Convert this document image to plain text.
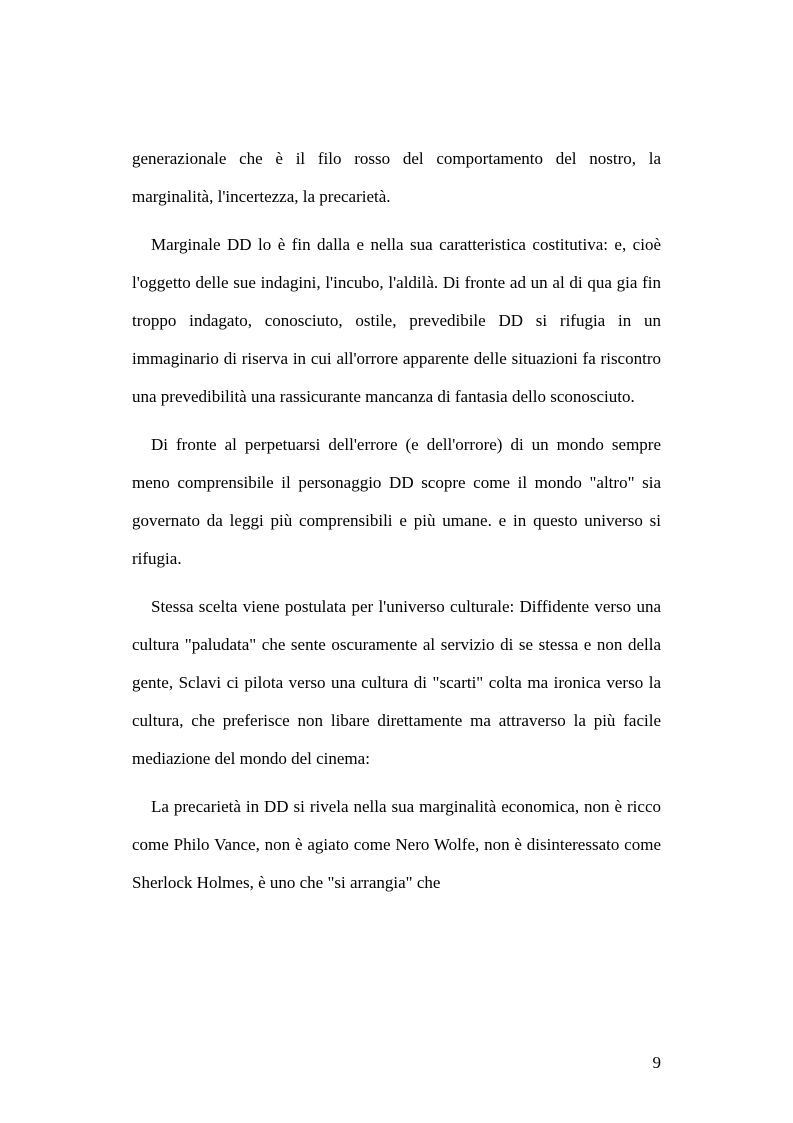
generazionale che è il filo rosso del comportamento del nostro, la marginalità, l'incertezza, la precarietà.

Marginale DD lo è fin dalla e nella sua caratteristica costitutiva: e, cioè l'oggetto delle sue indagini, l'incubo, l'aldilà. Di fronte ad un al di qua gia fin troppo indagato, conosciuto, ostile, prevedibile DD si rifugia in un immaginario di riserva in cui all'orrore apparente delle situazioni fa riscontro una prevedibilità una rassicurante mancanza di fantasia dello sconosciuto.

Di fronte al perpetuarsi dell'errore (e dell'orrore) di un mondo sempre meno comprensibile il personaggio DD scopre come il mondo "altro" sia governato da leggi più comprensibili e più umane. e in questo universo si rifugia.

Stessa scelta viene postulata per l'universo culturale: Diffidente verso una cultura "paludata" che sente oscuramente al servizio di se stessa e non della gente, Sclavi ci pilota verso una cultura di "scarti" colta ma ironica verso la cultura, che preferisce non libare direttamente ma attraverso la più facile mediazione del mondo del cinema:

La precarietà in DD si rivela nella sua marginalità economica, non è ricco come Philo Vance, non è agiato come Nero Wolfe, non è disinteressato come Sherlock Holmes, è uno che "si arrangia" che

9
